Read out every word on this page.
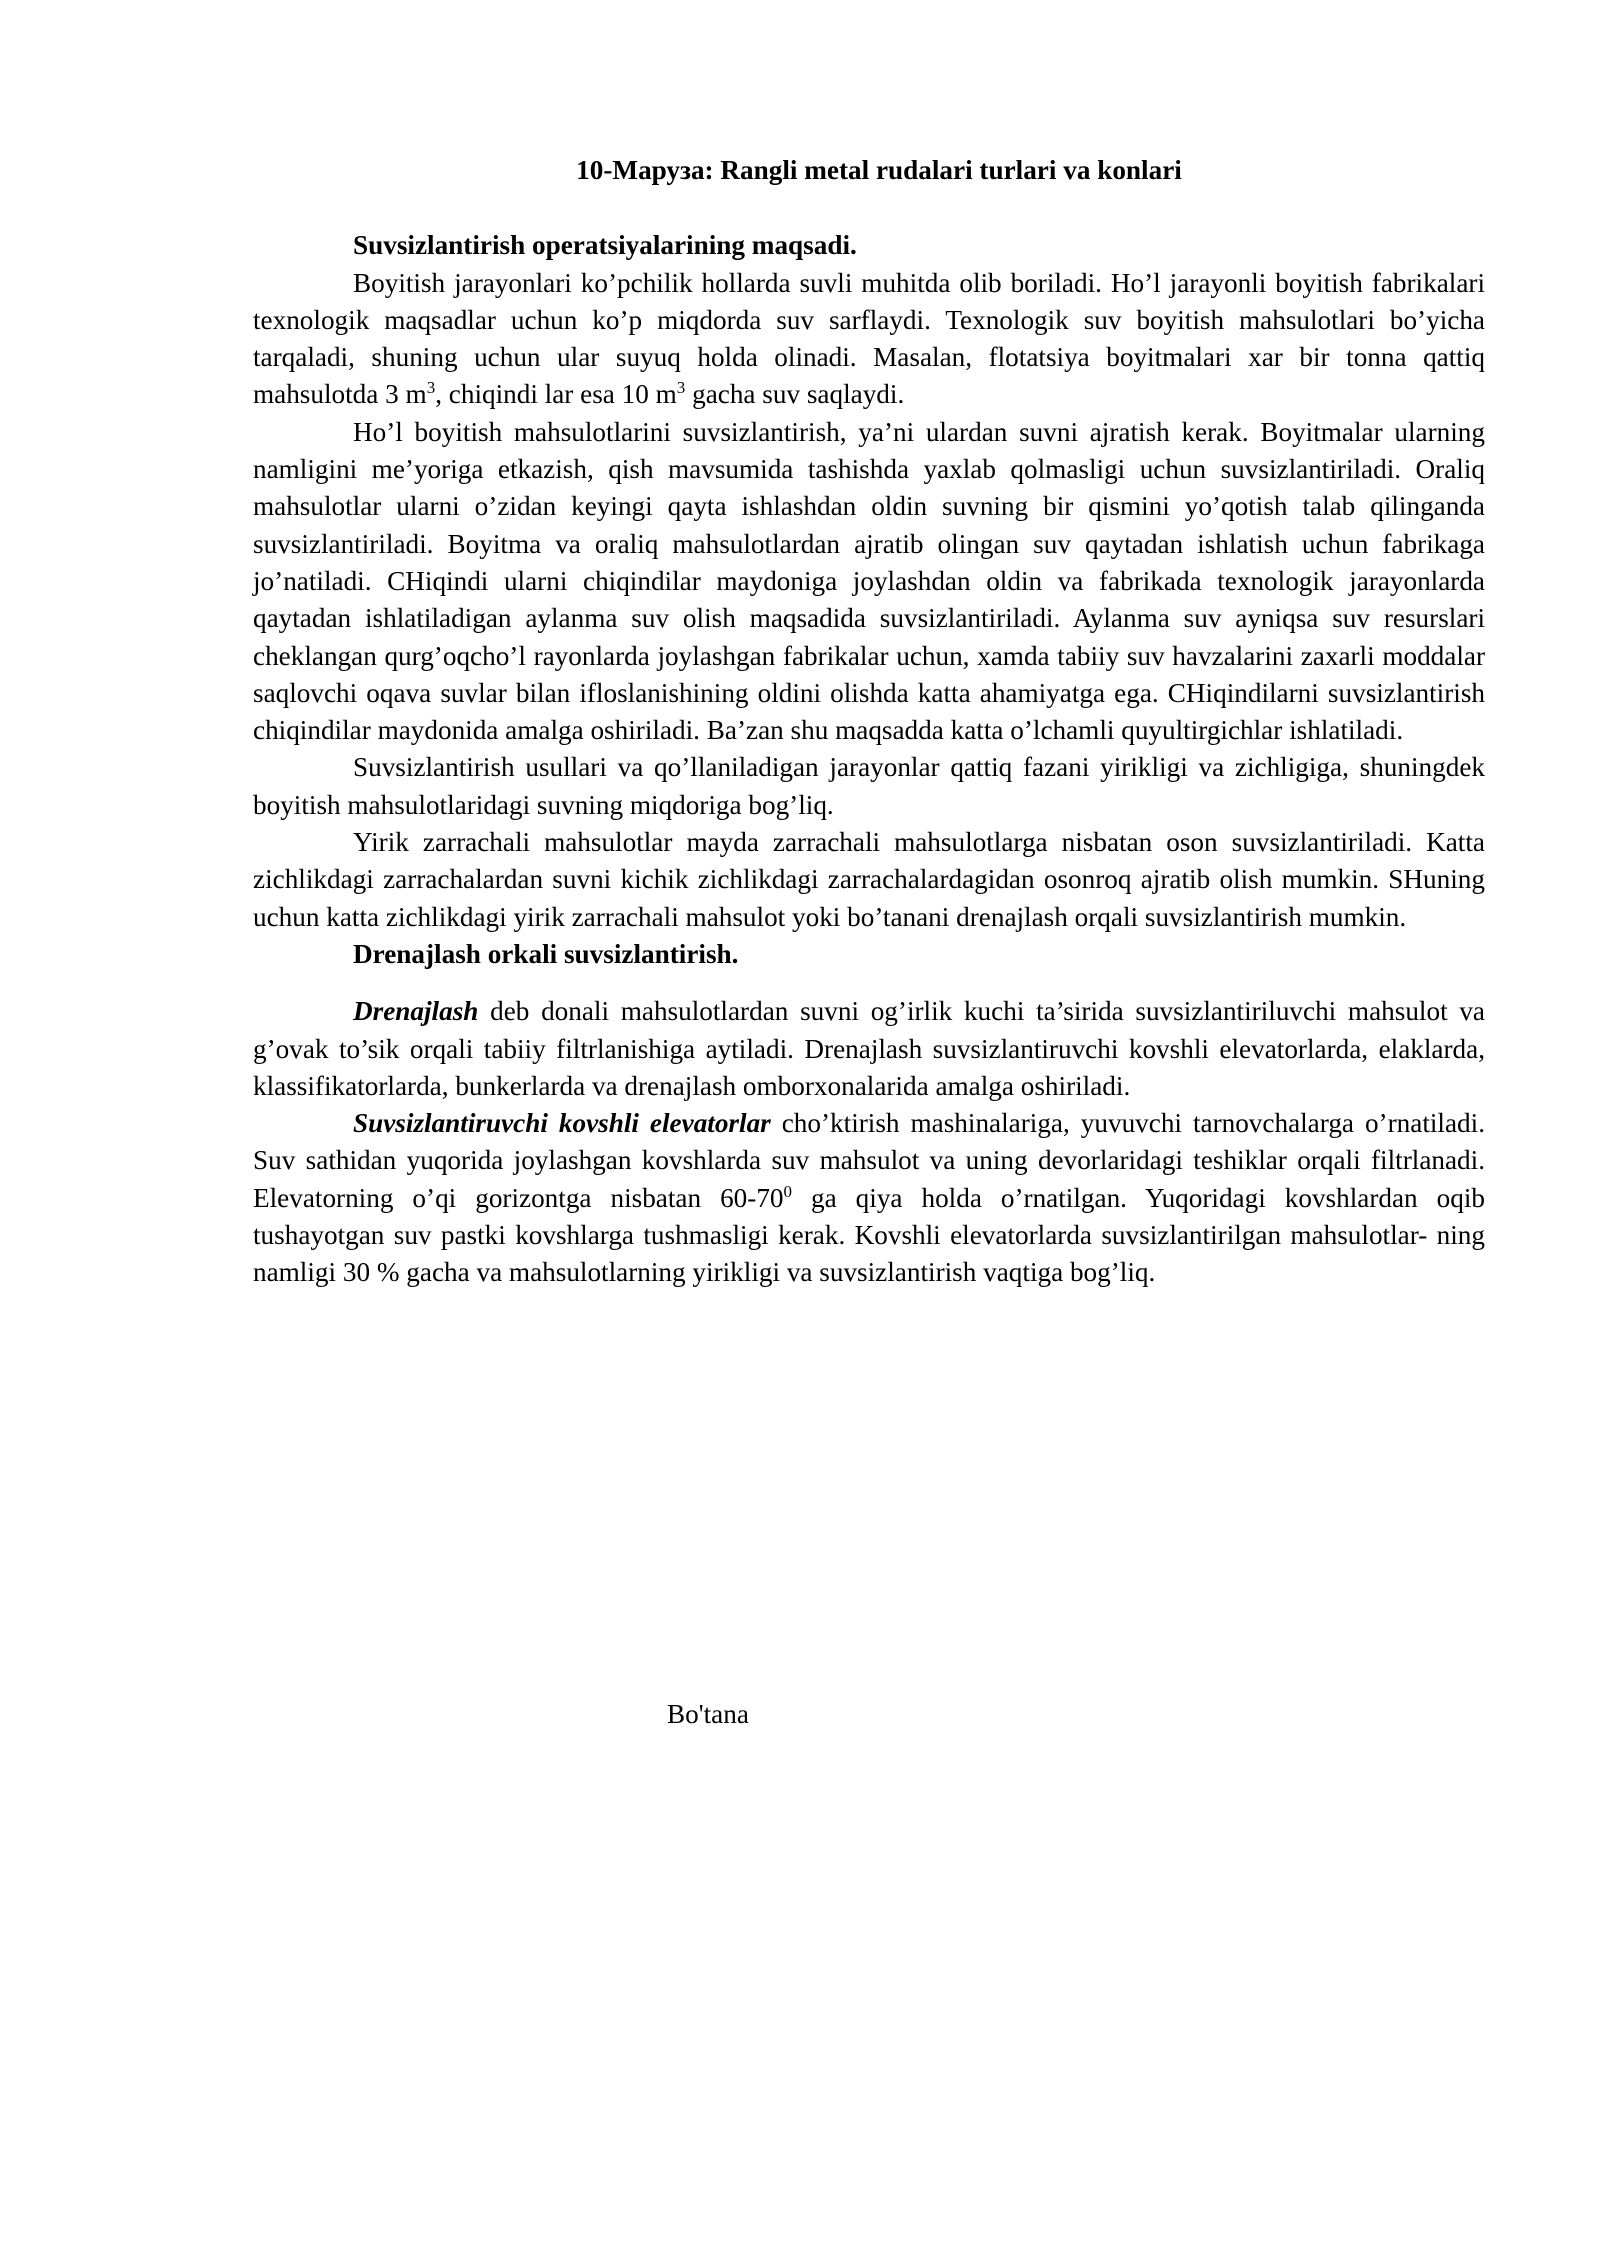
10-Маруза: Rangli metal rudalari turlari va konlari

Suvsizlantirish operatsiyalarining maqsadi.

Boyitish jarayonlari ko’pchilik hollarda suvli muhitda olib boriladi. Ho’l jarayonli boyitish fabrikalari texnologik maqsadlar uchun ko’p miqdorda suv sarflaydi. Texnologik suv boyitish mahsulotlari bo’yicha tarqaladi, shuning uchun ular suyuq holda olinadi. Masalan, flotatsiya boyitmalari xar bir tonna qattiq mahsulotda 3 $m^3$, chiqindi lar esa 10 $m^3$ gacha suv saqlaydi.

Ho’l boyitish mahsulotlarini suvsizlantirish, ya’ni ulardan suvni ajratish kerak. Boyitmalar ularning namligini me’yoriga etkazish, qish mavsumida tashishda yaxlab qolmasligi uchun suvsizlantiriladi. Oraliq mahsulotlar ularni o’zidan keyingi qayta ishlashdan oldin suvning bir qismini yo’qotish talab qilinganda suvsizlantiriladi. Boyitma va oraliq mahsulotlardan ajratib olingan suv qaytadan ishlatish uchun fabrikaga jo’natiladi. CHiqindi ularni chiqindilar maydoniga joylashdan oldin va fabrikada texnologik jarayonlarda qaytadan ishlatiladigan aylanma suv olish maqsadida suvsizlantiriladi. Aylanma suv ayniqsa suv resurslari cheklangan qurg’oqcho’l rayonlarda joylashgan fabrikalar uchun, xamda tabiiy suv havzalarini zaxarli moddalar saqlovchi oqava suvlar bilan ifloslanishining oldini olishda katta ahamiyatga ega. CHiqindilarni suvsizlantirish chiqindilar maydonida amalga oshiriladi. Ba’zan shu maqsadda katta o’lchamli quyultirgichlar ishlatiladi.

Suvsizlantirish usullari va qo’llaniladigan jarayonlar qattiq fazani yirikligi va zichligiga, shuningdek boyitish mahsulotlaridagi suvning miqdoriga bog’liq.

Yirik zarrachali mahsulotlar mayda zarrachali mahsulotlarga nisbatan oson suvsizlantiriladi. Katta zichlikdagi zarrachalardan suvni kichik zichlikdagi zarrachalardagidan osonroq ajratib olish mumkin. SHuning uchun katta zichlikdagi yirik zarrachali mahsulot yoki bo’tanani drenajlash orqali suvsizlantirish mumkin.

Drenajlash orkali suvsizlantirish.

Drenajlash deb donali mahsulotlardan suvni og’irlik kuchi ta’sirida suvsizlantiriluvchi mahsulot va g’ovak to’sik orqali tabiiy filtrlanishiga aytiladi. Drenajlash suvsizlantiruvchi kovshli elevatorlarda, elaklarda, klassifikatorlarda, bunkerlarda va drenajlash omborxonalarida amalga oshiriladi.

Suvsizlantiruvchi kovshli elevatorlar cho’ktirish mashinalariga, yuvuvchi tarnovchalarga o’rnatiladi. Suv sathidan yuqorida joylashgan kovshlarda suv mahsulot va uning devorlaridagi teshiklar orqali filtrlanadi. Elevatorning o’qi gorizontga nisbatan $60-70^0$ ga qiya holda o’rnatilgan. Yuqoridagi kovshlardan oqib tushayotgan suv pastki kovshlarga tushmasligi kerak. Kovshli elevatorlarda suvsizlantirilgan mahsulotlar- ning namligi 30 % gacha va mahsulotlarning yirikligi va suvsizlantirish vaqtiga bog’liq.

Bo'tana
